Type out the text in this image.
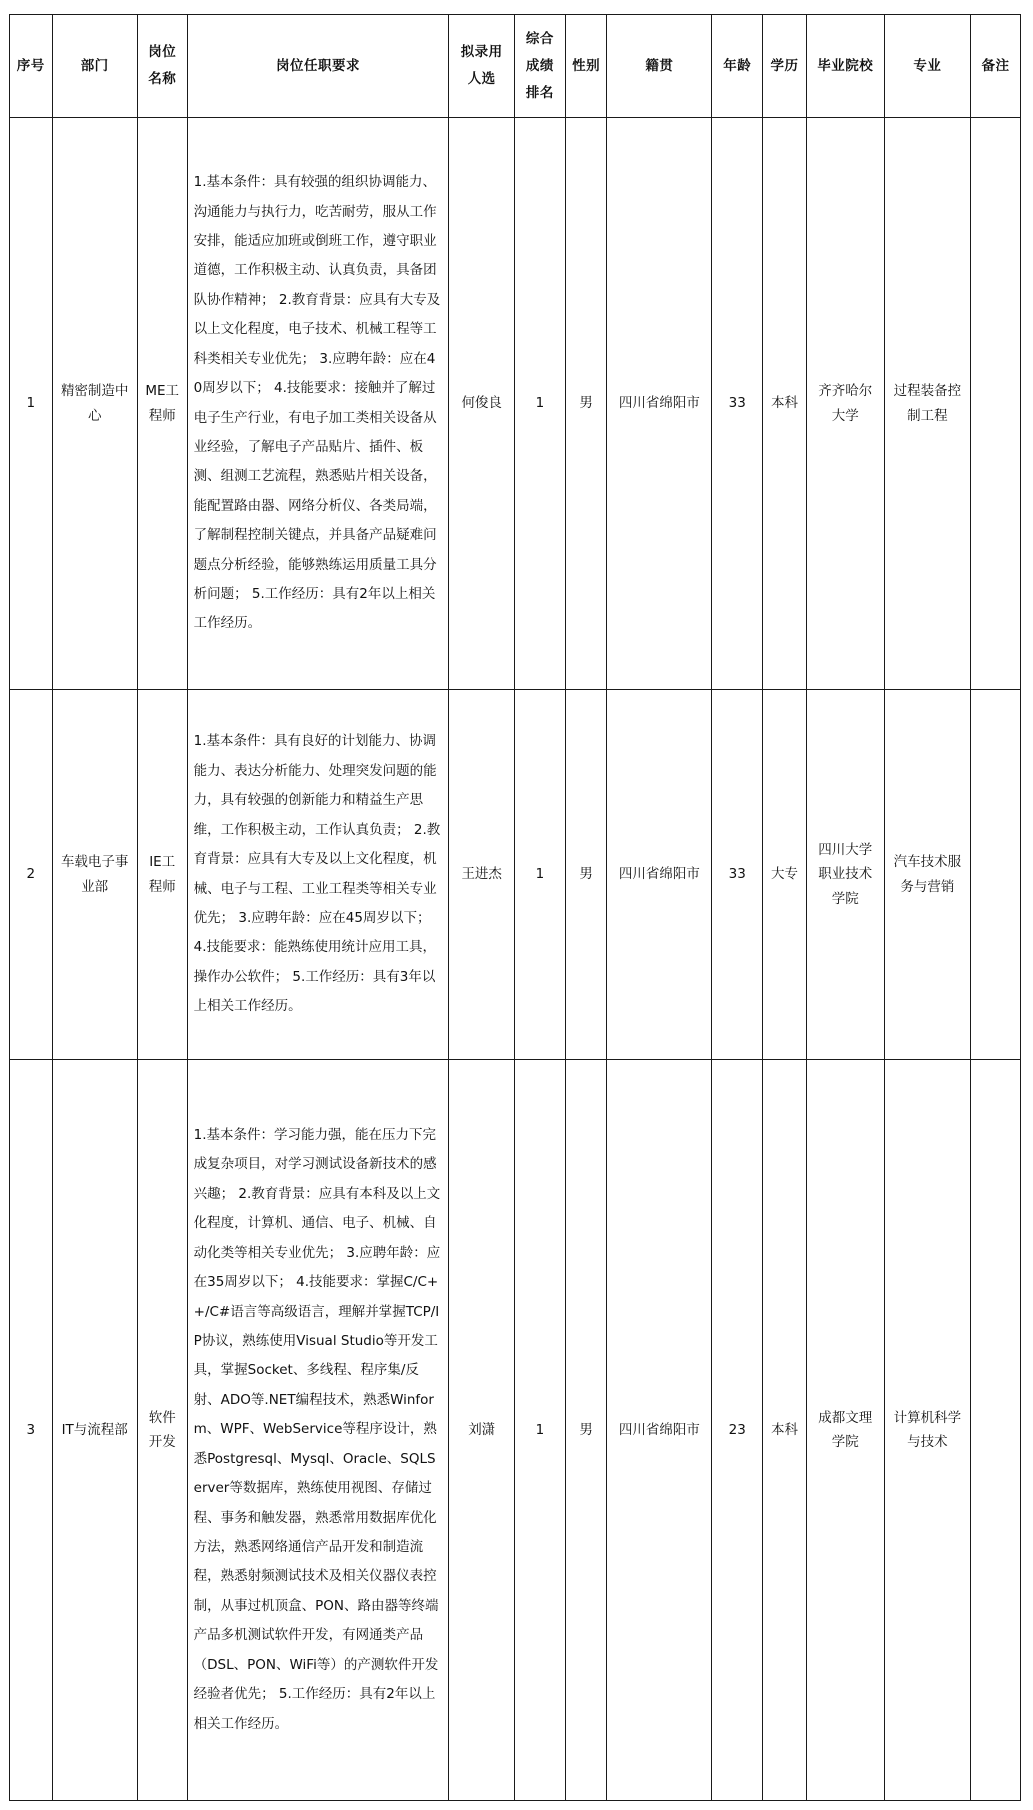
序号	部门	岗位名称	岗位任职要求	拟录用人选	综合成绩排名	性别	籍贯	年龄	学历	毕业院校	专业	备注
1	精密制造中心	ME工程师	1.基本条件：具有较强的组织协调能力、沟通能力与执行力，吃苦耐劳，服从工作安排，能适应加班或倒班工作，遵守职业道德，工作积极主动、认真负责，具备团队协作精神； 2.教育背景：应具有大专及以上文化程度，电子技术、机械工程等工科类相关专业优先； 3.应聘年龄：应在40周岁以下； 4.技能要求：接触并了解过电子生产行业，有电子加工类相关设备从业经验，了解电子产品贴片、插件、板测、组测工艺流程，熟悉贴片相关设备，能配置路由器、网络分析仪、各类局端，了解制程控制关键点，并具备产品疑难问题点分析经验，能够熟练运用质量工具分析问题； 5.工作经历：具有2年以上相关工作经历。	何俊良	1	男	四川省绵阳市	33	本科	齐齐哈尔大学	过程装备控制工程	
2	车载电子事业部	IE工程师	1.基本条件：具有良好的计划能力、协调能力、表达分析能力、处理突发问题的能力，具有较强的创新能力和精益生产思维，工作积极主动，工作认真负责； 2.教育背景：应具有大专及以上文化程度，机械、电子与工程、工业工程类等相关专业优先； 3.应聘年龄：应在45周岁以下； 4.技能要求：能熟练使用统计应用工具，操作办公软件； 5.工作经历：具有3年以上相关工作经历。	王进杰	1	男	四川省绵阳市	33	大专	四川大学职业技术学院	汽车技术服务与营销	
3	IT与流程部	软件开发	1.基本条件：学习能力强，能在压力下完成复杂项目，对学习测试设备新技术的感兴趣； 2.教育背景：应具有本科及以上文化程度，计算机、通信、电子、机械、自动化类等相关专业优先； 3.应聘年龄：应在35周岁以下； 4.技能要求：掌握C/C++/C#语言等高级语言，理解并掌握TCP/IP协议，熟练使用Visual Studio等开发工具，掌握Socket、多线程、程序集/反射、ADO等.NET编程技术，熟悉Winform、WPF、WebService等程序设计，熟悉Postgresql、Mysql、Oracle、SQLServer等数据库，熟练使用视图、存储过程、事务和触发器，熟悉常用数据库优化方法，熟悉网络通信产品开发和制造流程，熟悉射频测试技术及相关仪器仪表控制，从事过机顶盒、PON、路由器等终端产品多机测试软件开发，有网通类产品（DSL、PON、WiFi等）的产测软件开发经验者优先； 5.工作经历：具有2年以上相关工作经历。	刘潇	1	男	四川省绵阳市	23	本科	成都文理学院	计算机科学与技术	
